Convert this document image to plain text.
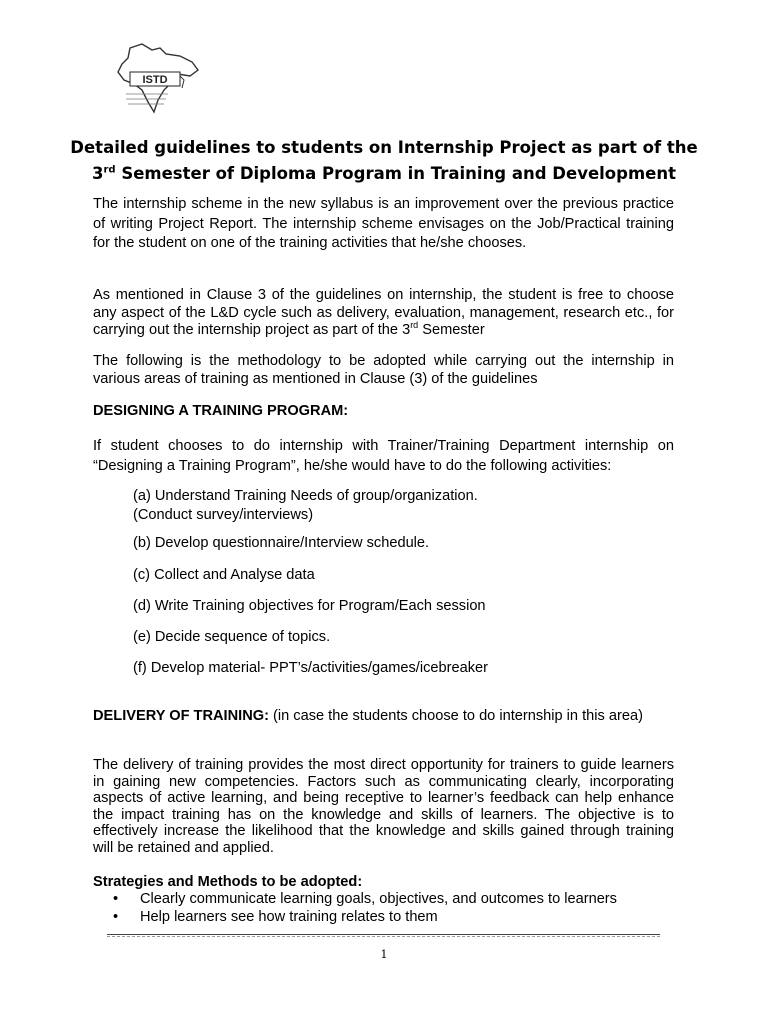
ISTD
Detailed guidelines to students on Internship Project as part of the
3rd Semester of Diploma Program in Training and Development

The internship scheme in the new syllabus is an improvement over the previous practice of writing Project Report. The internship scheme envisages on the Job/Practical training for the student on one of the training activities that he/she chooses.

As mentioned in Clause 3 of the guidelines on internship, the student is free to choose any aspect of the L&D cycle such as delivery, evaluation, management, research etc., for carrying out the internship project as part of the 3rd Semester

The following is the methodology to be adopted while carrying out the internship in various areas of training as mentioned in Clause (3) of the guidelines

DESIGNING A TRAINING PROGRAM:

If student chooses to do internship with Trainer/Training Department internship on “Designing a Training Program”, he/she would have to do the following activities:

(a) Understand Training Needs of group/organization.

(Conduct survey/interviews)

(b) Develop questionnaire/Interview schedule.

(c) Collect and Analyse data

(d) Write Training objectives for Program/Each session

(e) Decide sequence of topics.

(f) Develop material- PPT’s/activities/games/icebreaker

DELIVERY OF TRAINING: (in case the students choose to do internship in this area)

The delivery of training provides the most direct opportunity for trainers to guide learners in gaining new competencies. Factors such as communicating clearly, incorporating aspects of active learning, and being receptive to learner’s feedback can help enhance the impact training has on the knowledge and skills of learners. The objective is to effectively increase the likelihood that the knowledge and skills gained through training will be retained and applied.

Strategies and Methods to be adopted:

• Clearly communicate learning goals, objectives, and outcomes to learners

• Help learners see how training relates to them

1
